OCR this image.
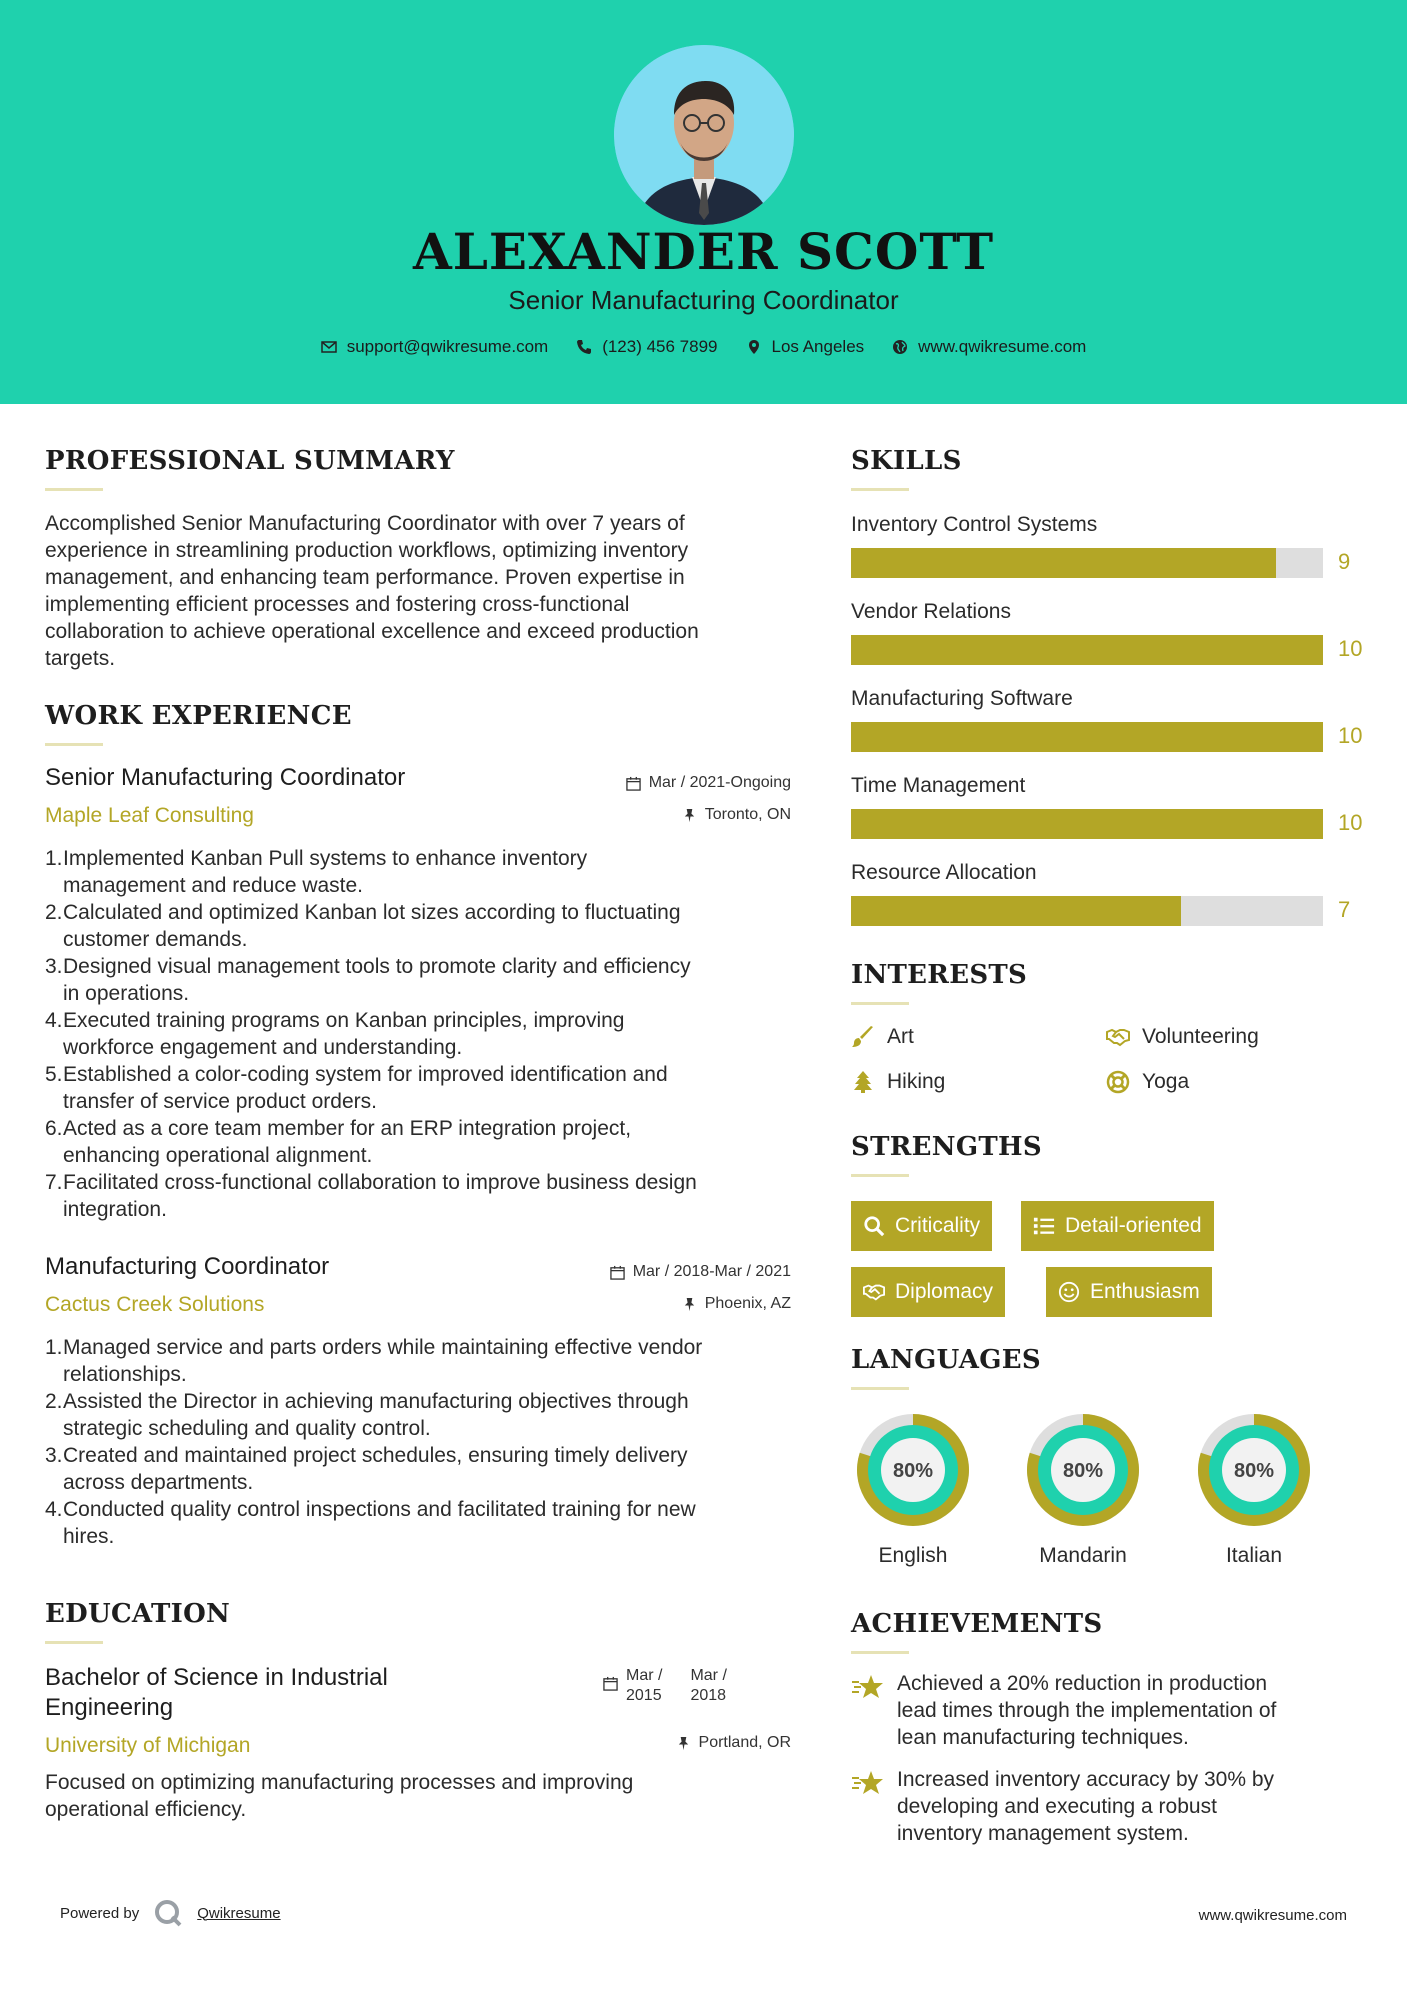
ALEXANDER SCOTT
Senior Manufacturing Coordinator
support@qwikresume.com	(123) 456 7899	Los Angeles	www.qwikresume.com
PROFESSIONAL SUMMARY
Accomplished Senior Manufacturing Coordinator with over 7 years of
experience in streamlining production workflows, optimizing inventory
management, and enhancing team performance. Proven expertise in
implementing efficient processes and fostering cross-functional
collaboration to achieve operational excellence and exceed production
targets.
WORK EXPERIENCE
Senior Manufacturing Coordinator	Mar / 2021-Ongoing
Maple Leaf Consulting	Toronto, ON
1. Implemented Kanban Pull systems to enhance inventory
management and reduce waste.
2. Calculated and optimized Kanban lot sizes according to fluctuating
customer demands.
3. Designed visual management tools to promote clarity and efficiency
in operations.
4. Executed training programs on Kanban principles, improving
workforce engagement and understanding.
5. Established a color-coding system for improved identification and
transfer of service product orders.
6. Acted as a core team member for an ERP integration project,
enhancing operational alignment.
7. Facilitated cross-functional collaboration to improve business design
integration.
Manufacturing Coordinator	Mar / 2018-Mar / 2021
Cactus Creek Solutions	Phoenix, AZ
1. Managed service and parts orders while maintaining effective vendor
relationships.
2. Assisted the Director in achieving manufacturing objectives through
strategic scheduling and quality control.
3. Created and maintained project schedules, ensuring timely delivery
across departments.
4. Conducted quality control inspections and facilitated training for new
hires.
EDUCATION
Bachelor of Science in Industrial
Engineering
Mar /
2015
Mar /
2018
University of Michigan	Portland, OR
Focused on optimizing manufacturing processes and improving
operational efficiency.
SKILLS
Inventory Control Systems
9
Vendor Relations
10
Manufacturing Software
10
Time Management
10
Resource Allocation
7
INTERESTS
Art	Volunteering
Hiking	Yoga
STRENGTHS
Criticality	Detail-oriented
Diplomacy	Enthusiasm
LANGUAGES
80%
English
80%
Mandarin
80%
Italian
ACHIEVEMENTS
Achieved a 20% reduction in production
lead times through the implementation of
lean manufacturing techniques.
Increased inventory accuracy by 30% by
developing and executing a robust
inventory management system.
Powered by	Qwikresume	www.qwikresume.com
